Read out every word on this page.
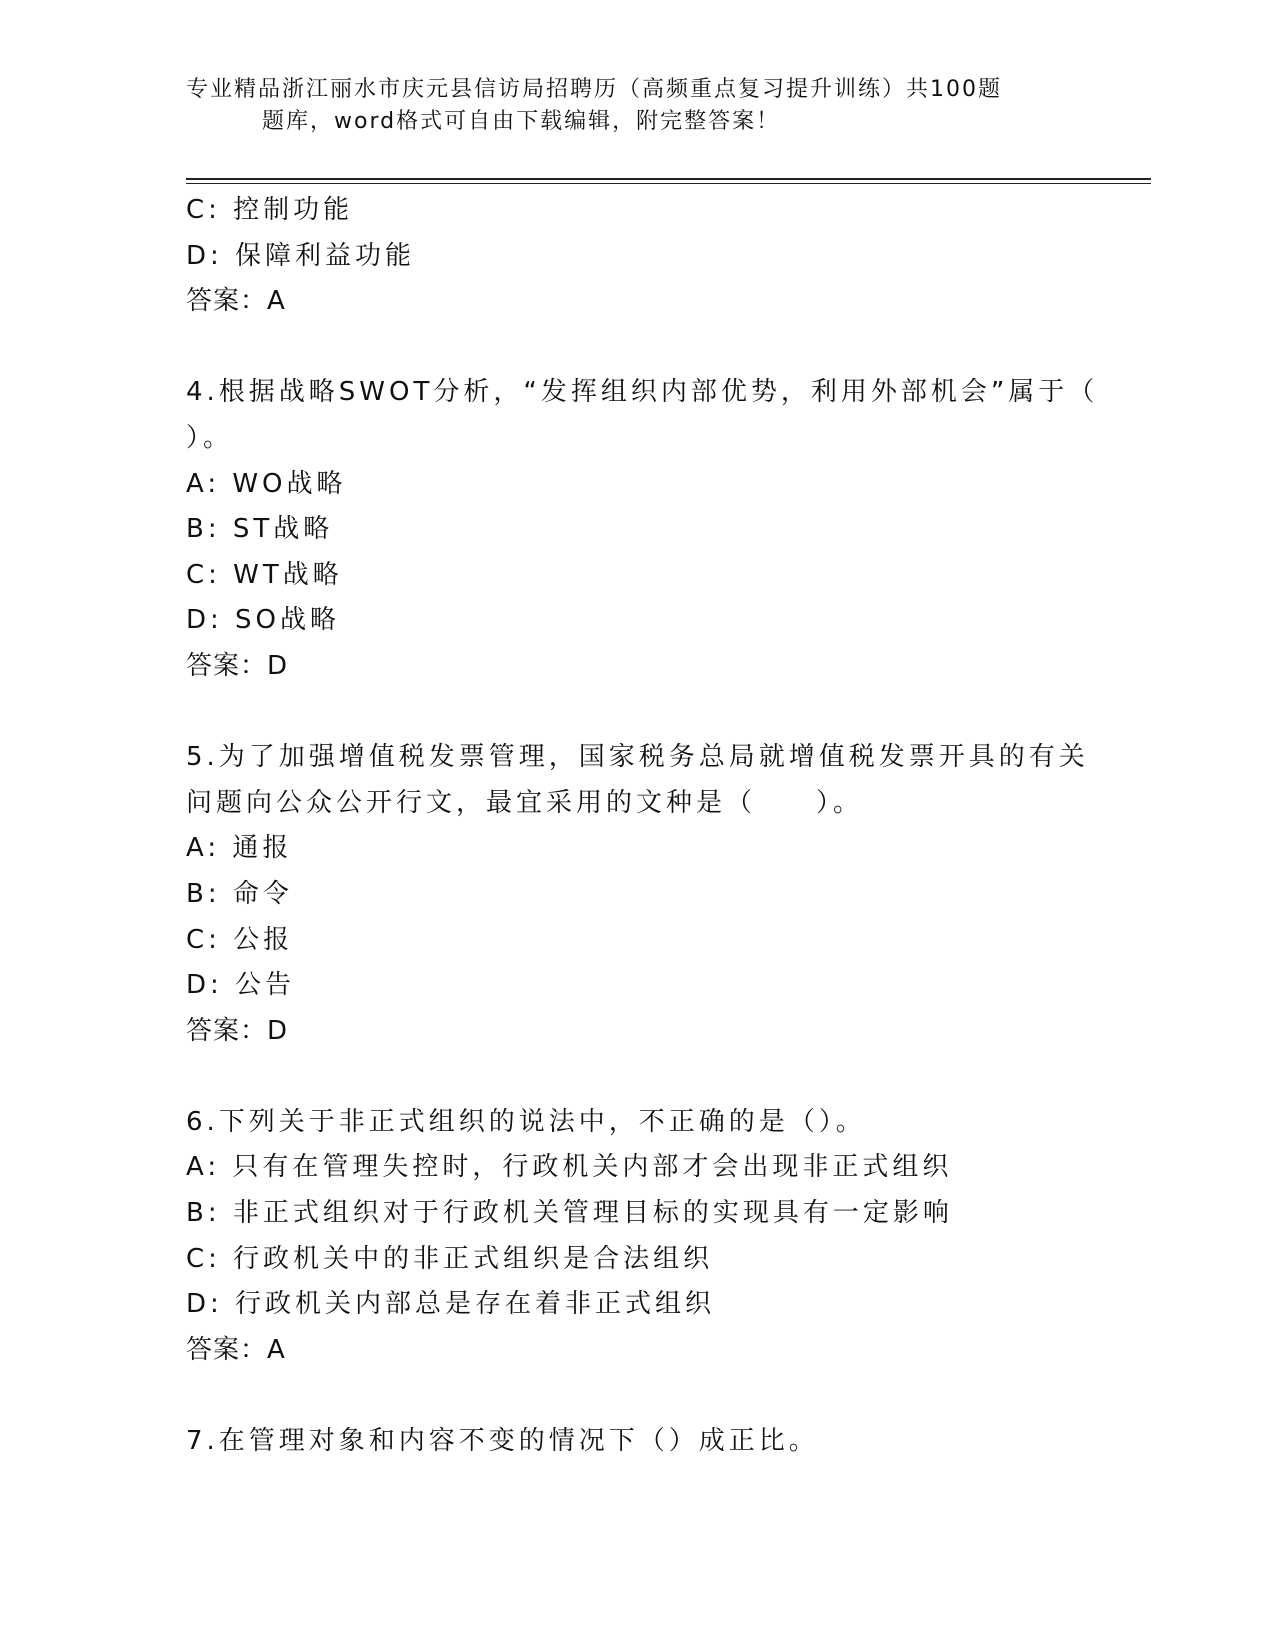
专业精品浙江丽水市庆元县信访局招聘历（高频重点复习提升训练）共100题
题库，word格式可自由下载编辑，附完整答案！
C: 控制功能
D: 保障利益功能
答案：A
4.根据战略SWOT分析，“发挥组织内部优势，利用外部机会”属于（
）。
A: WO战略
B: ST战略
C: WT战略
D: SO战略
答案：D
5.为了加强增值税发票管理，国家税务总局就增值税发票开具的有关
问题向公众公开行文，最宜采用的文种是（　　）。
A: 通报
B: 命令
C: 公报
D: 公告
答案：D
6.下列关于非正式组织的说法中，不正确的是（）。
A: 只有在管理失控时，行政机关内部才会出现非正式组织
B: 非正式组织对于行政机关管理目标的实现具有一定影响
C: 行政机关中的非正式组织是合法组织
D: 行政机关内部总是存在着非正式组织
答案：A
7.在管理对象和内容不变的情况下（）成正比。
